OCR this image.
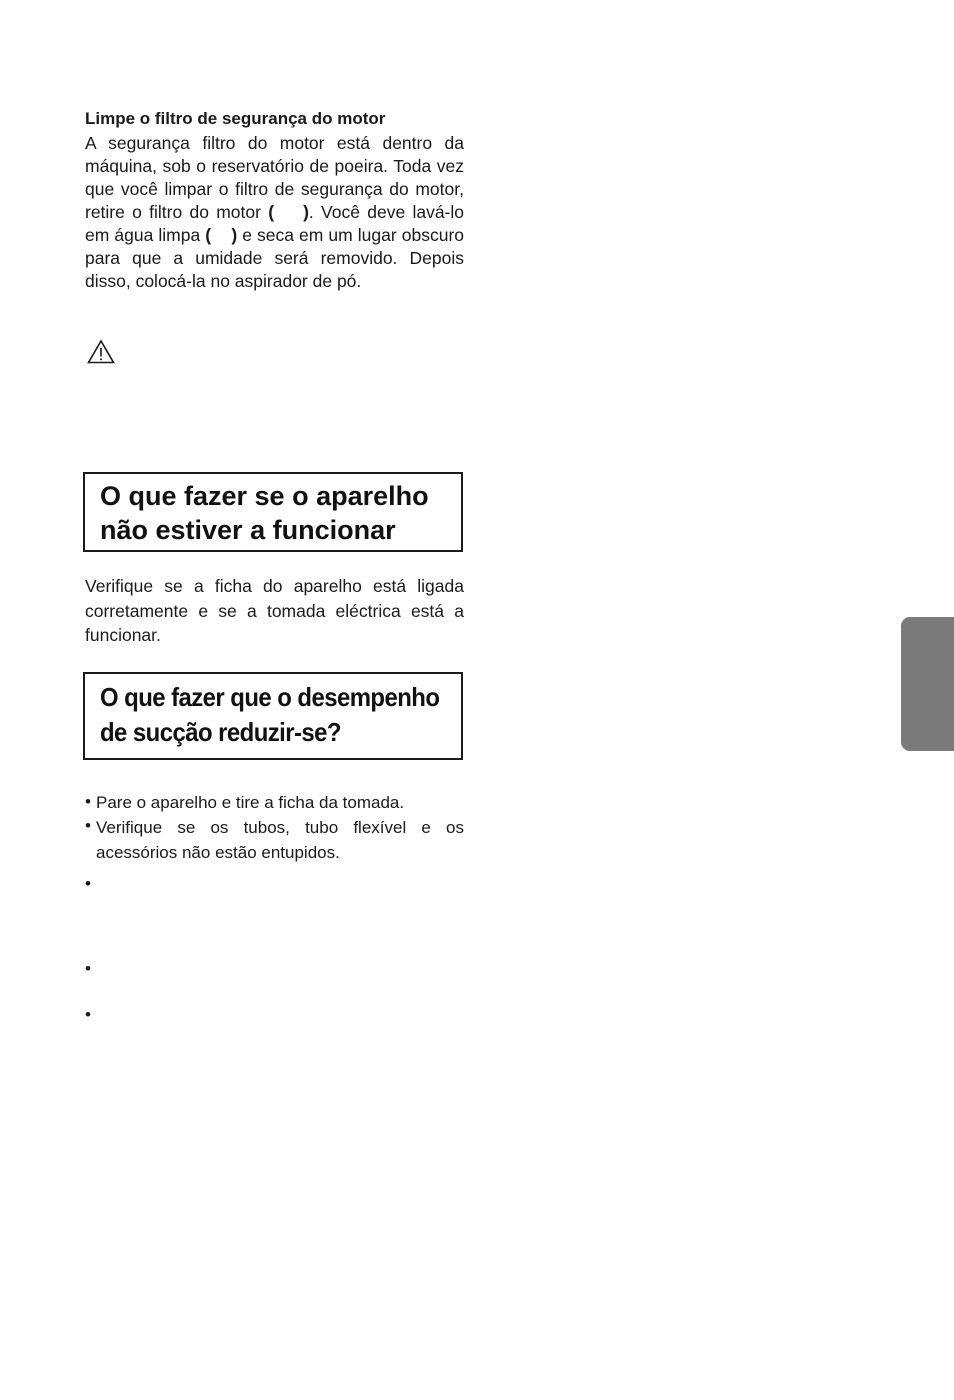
Limpe o filtro de segurança do motor

A segurança filtro do motor está dentro da máquina, sob o reservatório de poeira. Toda vez que você limpar o filtro de segurança do motor, retire o filtro do motor (    ). Você deve lavá-lo em água limpa (    ) e seca em um lugar obscuro para que a umidade será removido. Depois disso, colocá-la no aspirador de pó.

O que fazer se o aparelho
não estiver a funcionar

Verifique se a ficha do aparelho está ligada corretamente e se a tomada eléctrica está a funcionar.

O que fazer que o desempenho
de sucção reduzir-se?
• Pare o aparelho e tire a ficha da tomada.
• Verifique se os tubos, tubo flexível e os acessórios não estão entupidos.
•
•
•
